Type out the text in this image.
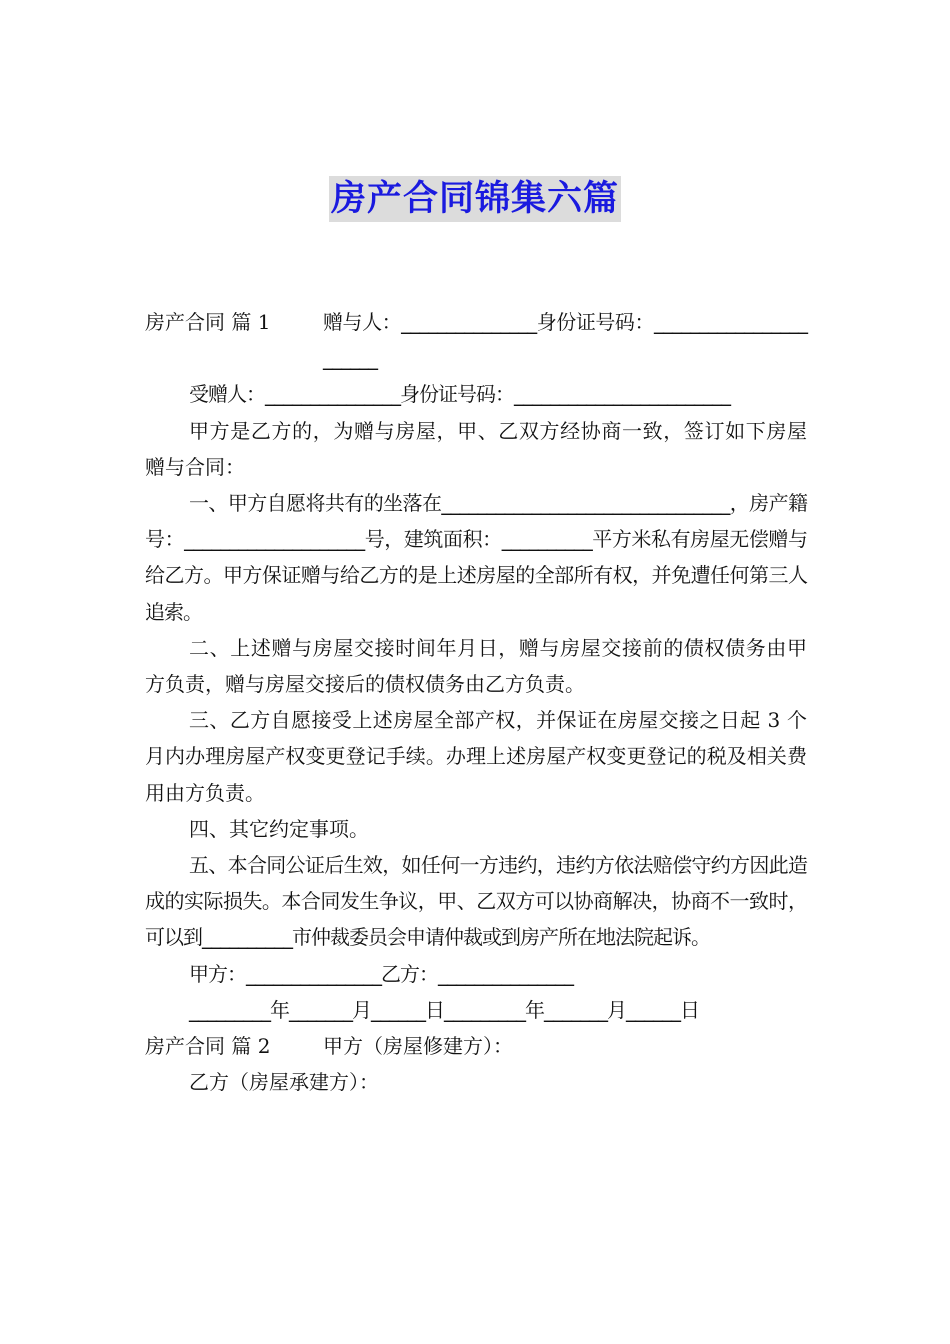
房产合同锦集六篇

房产合同 篇 1	赠与人：_______________身份证号码：_______________________

受赠人：_______________身份证号码：________________________

甲方是乙方的，为赠与房屋，甲、乙双方经协商一致，签订如下房屋赠与合同：

一、甲方自愿将共有的坐落在________________________________，房产籍号：____________________号，建筑面积：__________平方米私有房屋无偿赠与给乙方。甲方保证赠与给乙方的是上述房屋的全部所有权，并免遭任何第三人追索。

二、上述赠与房屋交接时间年月日，赠与房屋交接前的债权债务由甲方负责，赠与房屋交接后的债权债务由乙方负责。

三、乙方自愿接受上述房屋全部产权，并保证在房屋交接之日起 3 个月内办理房屋产权变更登记手续。办理上述房屋产权变更登记的税及相关费用由方负责。

四、其它约定事项。

五、本合同公证后生效，如任何一方违约，违约方依法赔偿守约方因此造成的实际损失。本合同发生争议，甲、乙双方可以协商解决，协商不一致时，可以到__________市仲裁委员会申请仲裁或到房产所在地法院起诉。

甲方：_______________乙方：_______________

_________年_______月______日_________年_______月______日

房产合同 篇 2	甲方（房屋修建方）：

乙方（房屋承建方）：
